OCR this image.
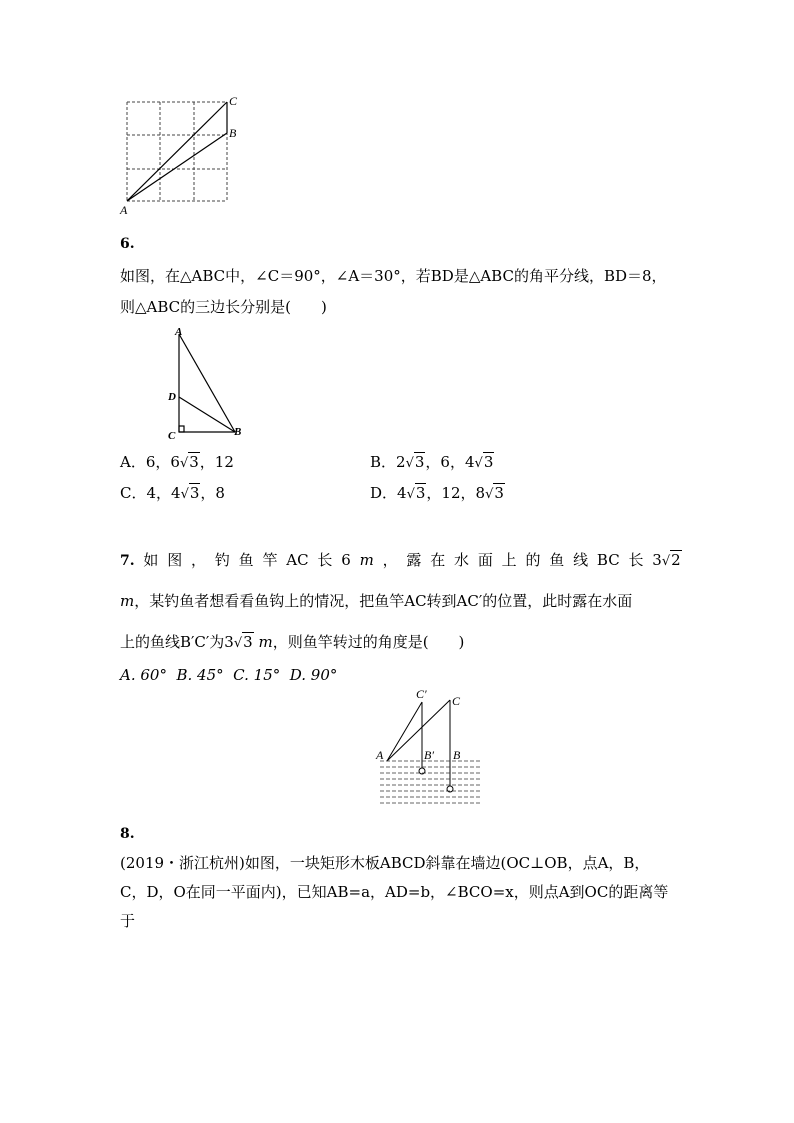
C
B
A
6.
如图，在△ABC中，∠C＝90°，∠A＝30°，若BD是△ABC的角平分线，BD＝8，
则△ABC的三边长分别是(　　)
A
D
C	B
A．6，6√3，12	B．2√3，6，4√3
C．4，4√3，8	D．4√3，12，8√3
7. 如 图 ， 钓 鱼 竿 AC 长 6 m ， 露 在 水 面 上 的 鱼 线 BC 长 3√2
m，某钓鱼者想看看鱼钩上的情况，把鱼竿AC转到AC′的位置，此时露在水面
上的鱼线B′C′为3√3 m，则鱼竿转过的角度是(　　)
A. 60°  B. 45°  C. 15°  D. 90°
C′ C
A	B′ B
8.
(2019・浙江杭州)如图，一块矩形木板ABCD斜靠在墙边(OC⊥OB，点A，B，
C，D，O在同一平面内)，已知AB=a，AD=b，∠BCO=x，则点A到OC的距离等
于
